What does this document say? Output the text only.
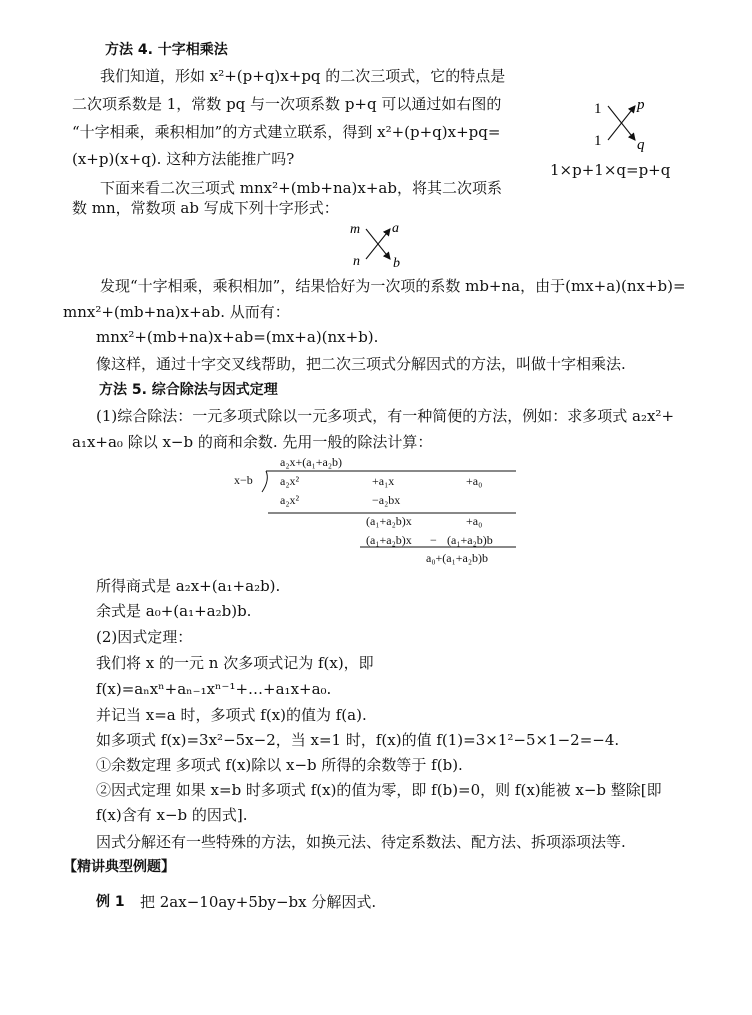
方法 4. 十字相乘法
我们知道，形如 x²+(p+q)x+pq 的二次三项式，它的特点是
二次项系数是 1，常数 pq 与一次项系数 p+q 可以通过如右图的
“十字相乘，乘积相加”的方式建立联系，得到 x²+(p+q)x+pq=
(x+p)(x+q). 这种方法能推广吗?
1
1
p
q
1×p+1×q=p+q
下面来看二次三项式 mnx²+(mb+na)x+ab，将其二次项系
数 mn，常数项 ab 写成下列十字形式：
m
n
a
b
发现“十字相乘，乘积相加”，结果恰好为一次项的系数 mb+na，由于(mx+a)(nx+b)=
mnx²+(mb+na)x+ab. 从而有：
mnx²+(mb+na)x+ab=(mx+a)(nx+b).
像这样，通过十字交叉线帮助，把二次三项式分解因式的方法，叫做十字相乘法.
方法 5. 综合除法与因式定理
(1)综合除法：一元多项式除以一元多项式，有一种简便的方法，例如：求多项式 a₂x²+
a₁x+a₀ 除以 x−b 的商和余数. 先用一般的除法计算：
a₂x+(a₁+a₂b)
x−b a₂x²	+a₁x	+a₀
a₂x²	−a₂bx
(a₁+a₂b)x	+a₀
(a₁+a₂b)x − (a₁+a₂b)b
a₀+(a₁+a₂b)b
所得商式是 a₂x+(a₁+a₂b).
余式是 a₀+(a₁+a₂b)b.
(2)因式定理：
我们将 x 的一元 n 次多项式记为 f(x)，即
f(x)=aₙxⁿ+aₙ₋₁xⁿ⁻¹+…+a₁x+a₀.
并记当 x=a 时，多项式 f(x)的值为 f(a).
如多项式 f(x)=3x²−5x−2，当 x=1 时，f(x)的值 f(1)=3×1²−5×1−2=−4.
①余数定理 多项式 f(x)除以 x−b 所得的余数等于 f(b).
②因式定理 如果 x=b 时多项式 f(x)的值为零，即 f(b)=0，则 f(x)能被 x−b 整除[即
f(x)含有 x−b 的因式].
因式分解还有一些特殊的方法，如换元法、待定系数法、配方法、拆项添项法等.
【精讲典型例题】
例 1 把 2ax−10ay+5by−bx 分解因式.
